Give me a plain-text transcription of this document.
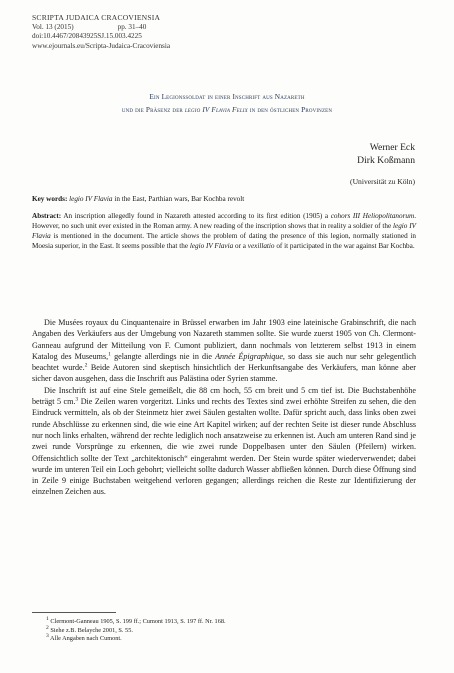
SCRIPTA JUDAICA CRACOVIENSIA
Vol. 13 (2015)	pp. 31–40
doi:10.4467/20843925SJ.15.003.4225
www.ejournals.eu/Scripta-Judaica-Cracoviensia
Ein Legionssoldat in einer Inschrift aus Nazareth
und die Präsenz der legio IV Flavia Felix in den östlichen Provinzen
Werner Eck
Dirk Koßmann
(Universität zu Köln)
Key words: legio IV Flavia in the East, Parthian wars, Bar Kochba revolt
Abstract: An inscription allegedly found in Nazareth attested according to its first edition (1905) a cohors III Heliopolitanorum. However, no such unit ever existed in the Roman army. A new reading of the inscription shows that in reality a soldier of the legio IV Flavia is mentioned in the document. The article shows the problem of dating the presence of this legion, normally stationed in Moesia superior, in the East. It seems possible that the legio IV Flavia or a vexillatio of it participated in the war against Bar Kochba.

Die Musées royaux du Cinquantenaire in Brüssel erwarben im Jahr 1903 eine lateinische Grabinschrift, die nach Angaben des Verkäufers aus der Umgebung von Nazareth stammen sollte. Sie wurde zuerst 1905 von Ch. Clermont-Ganneau aufgrund der Mitteilung von F. Cumont publiziert, dann nochmals von letzterem selbst 1913 in einem Katalog des Museums,$^1$ gelangte allerdings nie in die Année Épigraphique, so dass sie auch nur sehr gelegentlich beachtet wurde.$^2$ Beide Autoren sind skeptisch hinsichtlich der Herkunftsangabe des Verkäufers, man könne aber sicher davon ausgehen, dass die Inschrift aus Palästina oder Syrien stamme.

Die Inschrift ist auf eine Stele gemeißelt, die 88 cm hoch, 55 cm breit und 5 cm tief ist. Die Buchstabenhöhe beträgt 5 cm.$^3$ Die Zeilen waren vorgeritzt. Links und rechts des Textes sind zwei erhöhte Streifen zu sehen, die den Eindruck vermitteln, als ob der Steinmetz hier zwei Säulen gestalten wollte. Dafür spricht auch, dass links oben zwei runde Abschlüsse zu erkennen sind, die wie eine Art Kapitel wirken; auf der rechten Seite ist dieser runde Abschluss nur noch links erhalten, während der rechte lediglich noch ansatzweise zu erkennen ist. Auch am unteren Rand sind je zwei runde Vorsprünge zu erkennen, die wie zwei runde Doppelbasen unter den Säulen (Pfeilern) wirken. Offensichtlich sollte der Text „architektonisch“ eingerahmt werden. Der Stein wurde später wiederverwendet; dabei wurde im unteren Teil ein Loch gebohrt; vielleicht sollte dadurch Wasser abfließen können. Durch diese Öffnung sind in Zeile 9 einige Buchstaben weitgehend verloren gegangen; allerdings reichen die Reste zur Identifizierung der einzelnen Zeichen aus.

1 Clermont-Ganneau 1905, S. 199 ff.; Cumont 1913, S. 197 ff. Nr. 168.
2 Siehe z.B. Belayche 2001, S. 55.
3 Alle Angaben nach Cumont.
